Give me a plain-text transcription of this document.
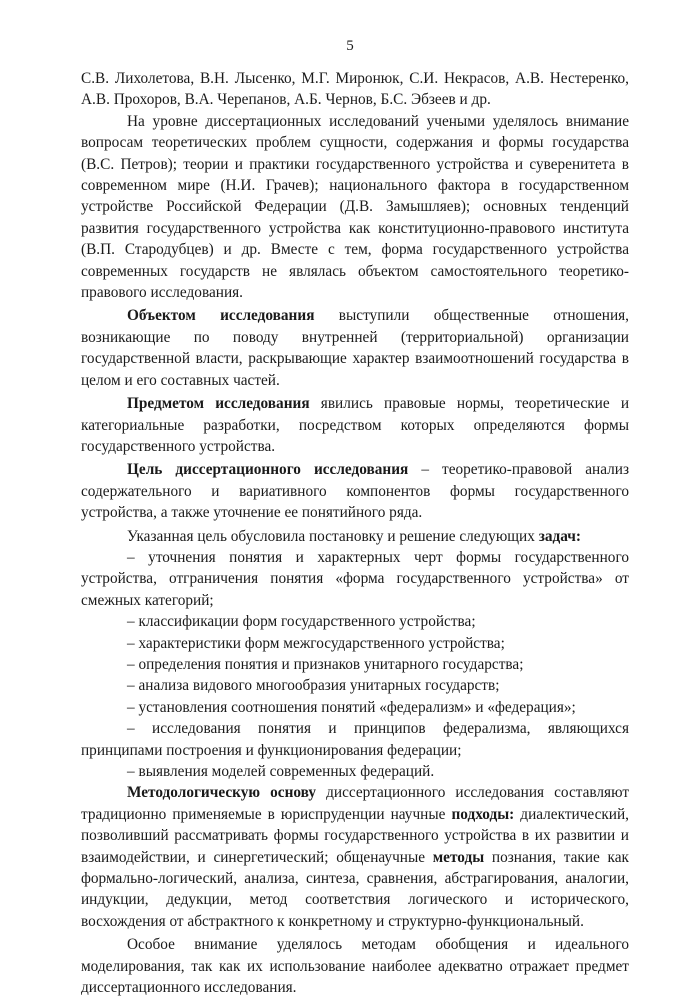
5

С.В. Лихолетова, В.Н. Лысенко, М.Г. Миронюк, С.И. Некрасов, А.В. Нестеренко, А.В. Прохоров, В.А. Черепанов, А.Б. Чернов, Б.С. Эбзеев и др.

На уровне диссертационных исследований учеными уделялось внимание вопросам теоретических проблем сущности, содержания и формы государства (В.С. Петров); теории и практики государственного устройства и суверенитета в современном мире (Н.И. Грачев); национального фактора в государственном устройстве Российской Федерации (Д.В. Замышляев); основных тенденций развития государственного устройства как конституционно-правового института (В.П. Стародубцев) и др. Вместе с тем, форма государственного устройства современных государств не являлась объектом самостоятельного теоретико-правового исследования.

Объектом исследования выступили общественные отношения, возникающие по поводу внутренней (территориальной) организации государственной власти, раскрывающие характер взаимоотношений государства в целом и его составных частей.

Предметом исследования явились правовые нормы, теоретические и категориальные разработки, посредством которых определяются формы государственного устройства.

Цель диссертационного исследования – теоретико-правовой анализ содержательного и вариативного компонентов формы государственного устройства, а также уточнение ее понятийного ряда.

Указанная цель обусловила постановку и решение следующих задач:

– уточнения понятия и характерных черт формы государственного устройства, отграничения понятия «форма государственного устройства» от смежных категорий;

– классификации форм государственного устройства;

– характеристики форм межгосударственного устройства;

– определения понятия и признаков унитарного государства;

– анализа видового многообразия унитарных государств;

– установления соотношения понятий «федерализм» и «федерация»;

– исследования понятия и принципов федерализма, являющихся принципами построения и функционирования федерации;

– выявления моделей современных федераций.

Методологическую основу диссертационного исследования составляют традиционно применяемые в юриспруденции научные подходы: диалектический, позволивший рассматривать формы государственного устройства в их развитии и взаимодействии, и синергетический; общенаучные методы познания, такие как формально-логический, анализа, синтеза, сравнения, абстрагирования, аналогии, индукции, дедукции, метод соответствия логического и исторического, восхождения от абстрактного к конкретному и структурно-функциональный.

Особое внимание уделялось методам обобщения и идеального моделирования, так как их использование наиболее адекватно отражает предмет диссертационного исследования.
